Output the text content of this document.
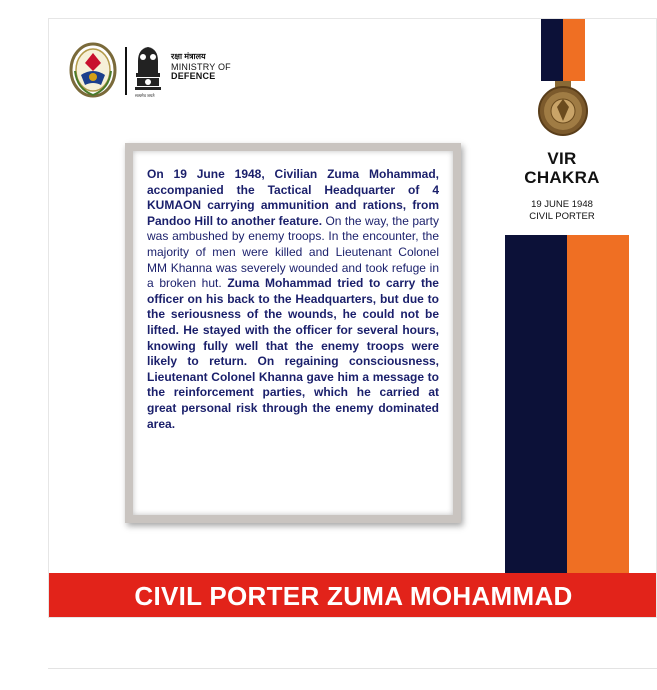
सत्यमेव जयते
रक्षा मंत्रालय
MINISTRY OF
DEFENCE

On 19 June 1948, Civilian Zuma Mohammad, accompanied the Tactical Headquarter of 4 KUMAON carrying ammunition and rations, from Pandoo Hill to another feature. On the way, the party was ambushed by enemy troops. In the encounter, the majority of men were killed and Lieutenant Colonel MM Khanna was severely wounded and took refuge in a broken hut. Zuma Mohammad tried to carry the officer on his back to the Headquarters, but due to the seriousness of the wounds, he could not be lifted. He stayed with the officer for several hours, knowing fully well that the enemy troops were likely to return. On regaining consciousness, Lieutenant Colonel Khanna gave him a message to the reinforcement parties, which he carried at great personal risk through the enemy dominated area.

VIR
CHAKRA
19 JUNE 1948
CIVIL PORTER
CIVIL PORTER ZUMA MOHAMMAD
